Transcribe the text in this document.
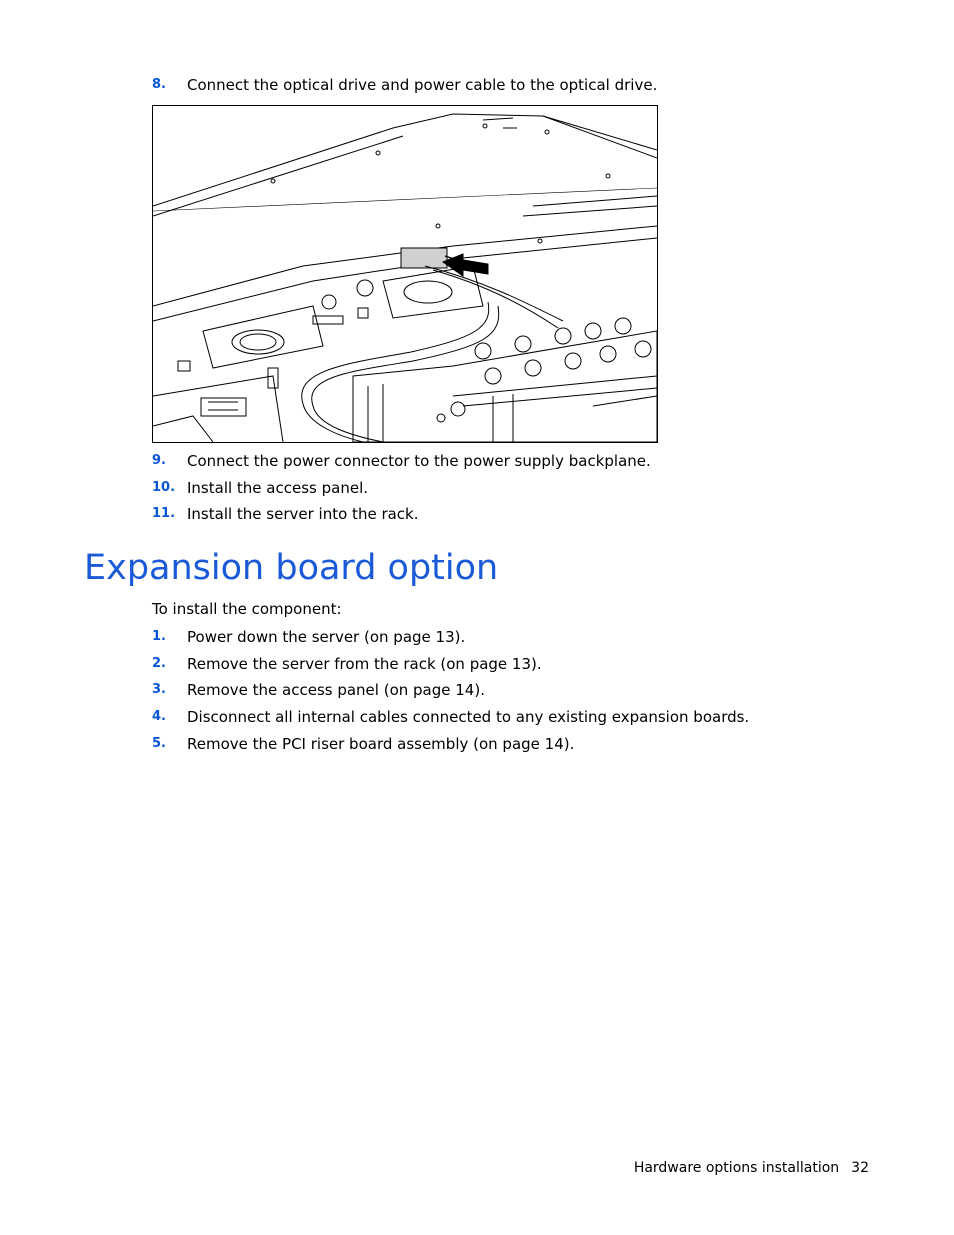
8. Connect the optical drive and power cable to the optical drive.
9. Connect the power connector to the power supply backplane.
10. Install the access panel.
11. Install the server into the rack.
Expansion board option
To install the component:
1. Power down the server (on page 13).
2. Remove the server from the rack (on page 13).
3. Remove the access panel (on page 14).
4. Disconnect all internal cables connected to any existing expansion boards.
5. Remove the PCI riser board assembly (on page 14).
Hardware options installation 32
